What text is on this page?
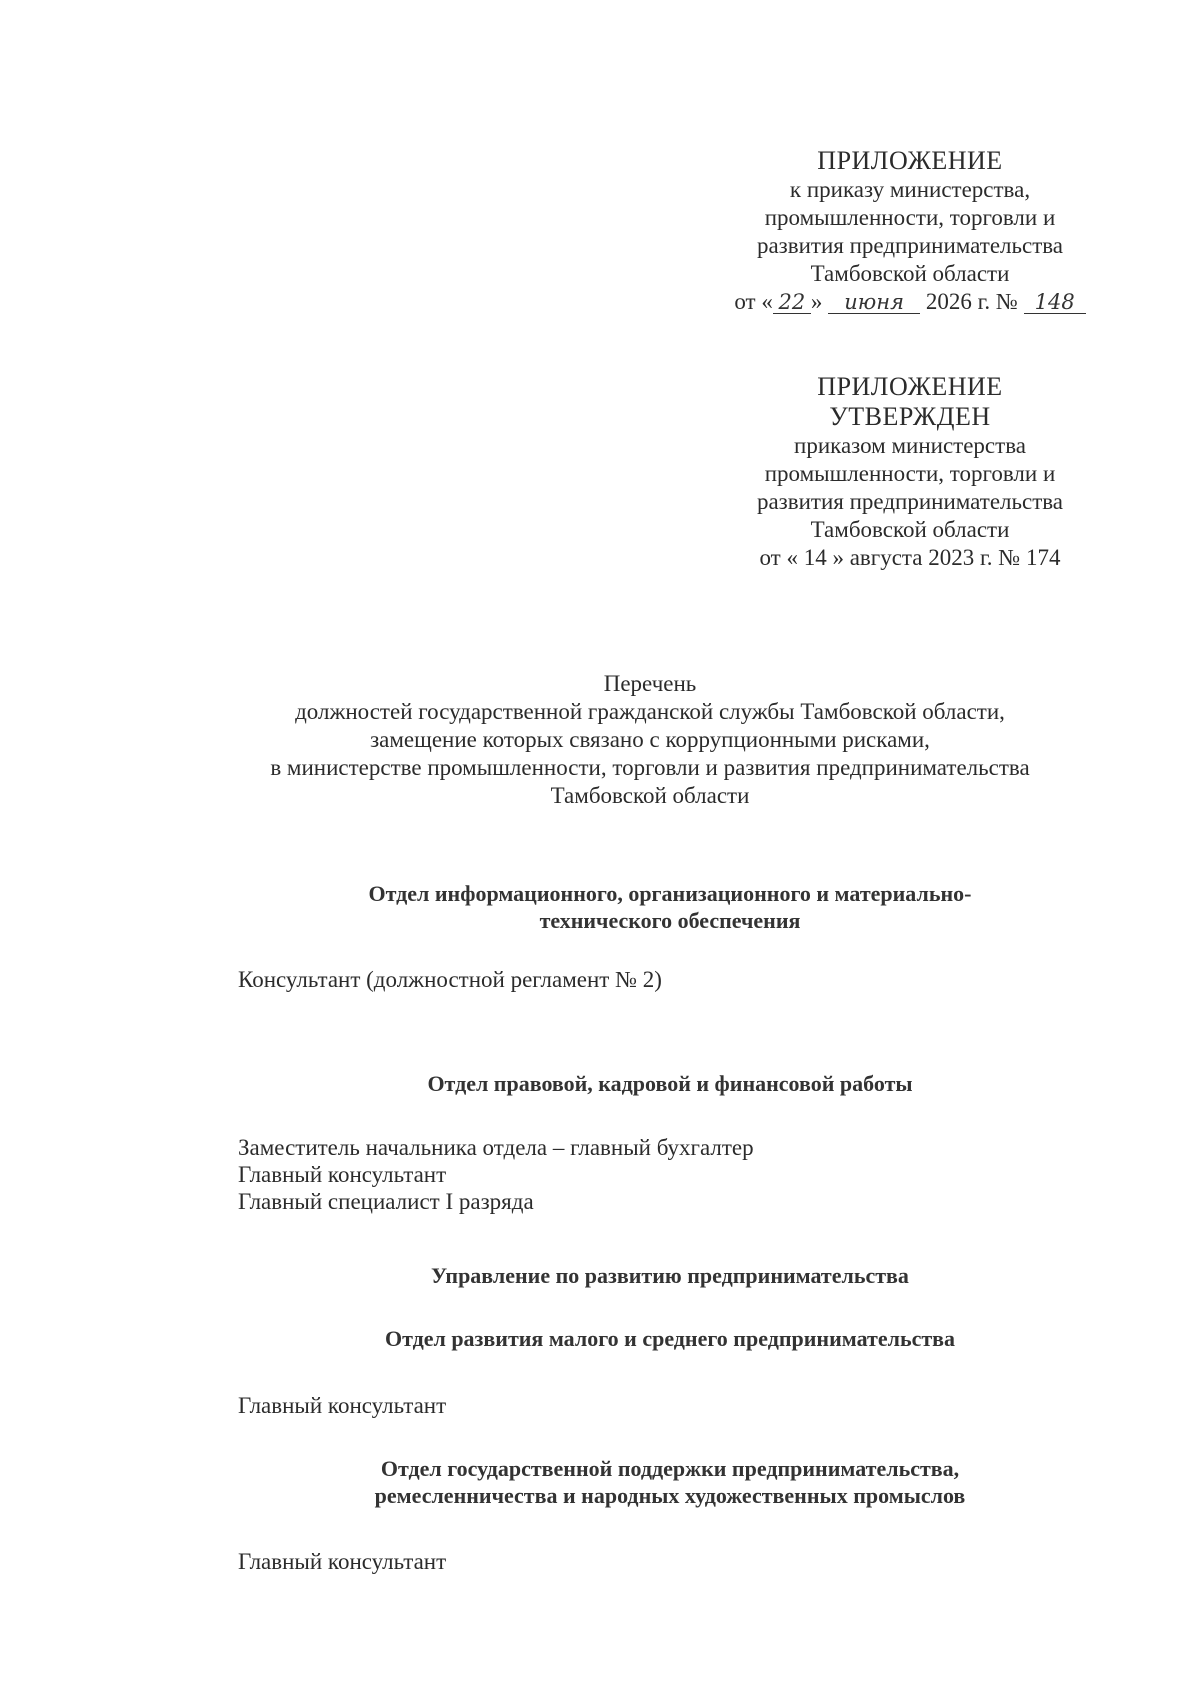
ПРИЛОЖЕНИЕ
к приказу министерства,
промышленности, торговли и
развития предпринимательства
Тамбовской области
от « 22 » июня 2026 г. № 148
ПРИЛОЖЕНИЕ
УТВЕРЖДЕН
приказом министерства
промышленности, торговли и
развития предпринимательства
Тамбовской области
от « 14 » августа 2023 г. № 174
Перечень
должностей государственной гражданской службы Тамбовской области,
замещение которых связано с коррупционными рисками,
в министерстве промышленности, торговли и развития предпринимательства
Тамбовской области
Отдел информационного, организационного и материально-
технического обеспечения
Консультант (должностной регламент № 2)
Отдел правовой, кадровой и финансовой работы
Заместитель начальника отдела – главный бухгалтер
Главный консультант
Главный специалист I разряда
Управление по развитию предпринимательства
Отдел развития малого и среднего предпринимательства
Главный консультант
Отдел государственной поддержки предпринимательства,
ремесленничества и народных художественных промыслов
Главный консультант
